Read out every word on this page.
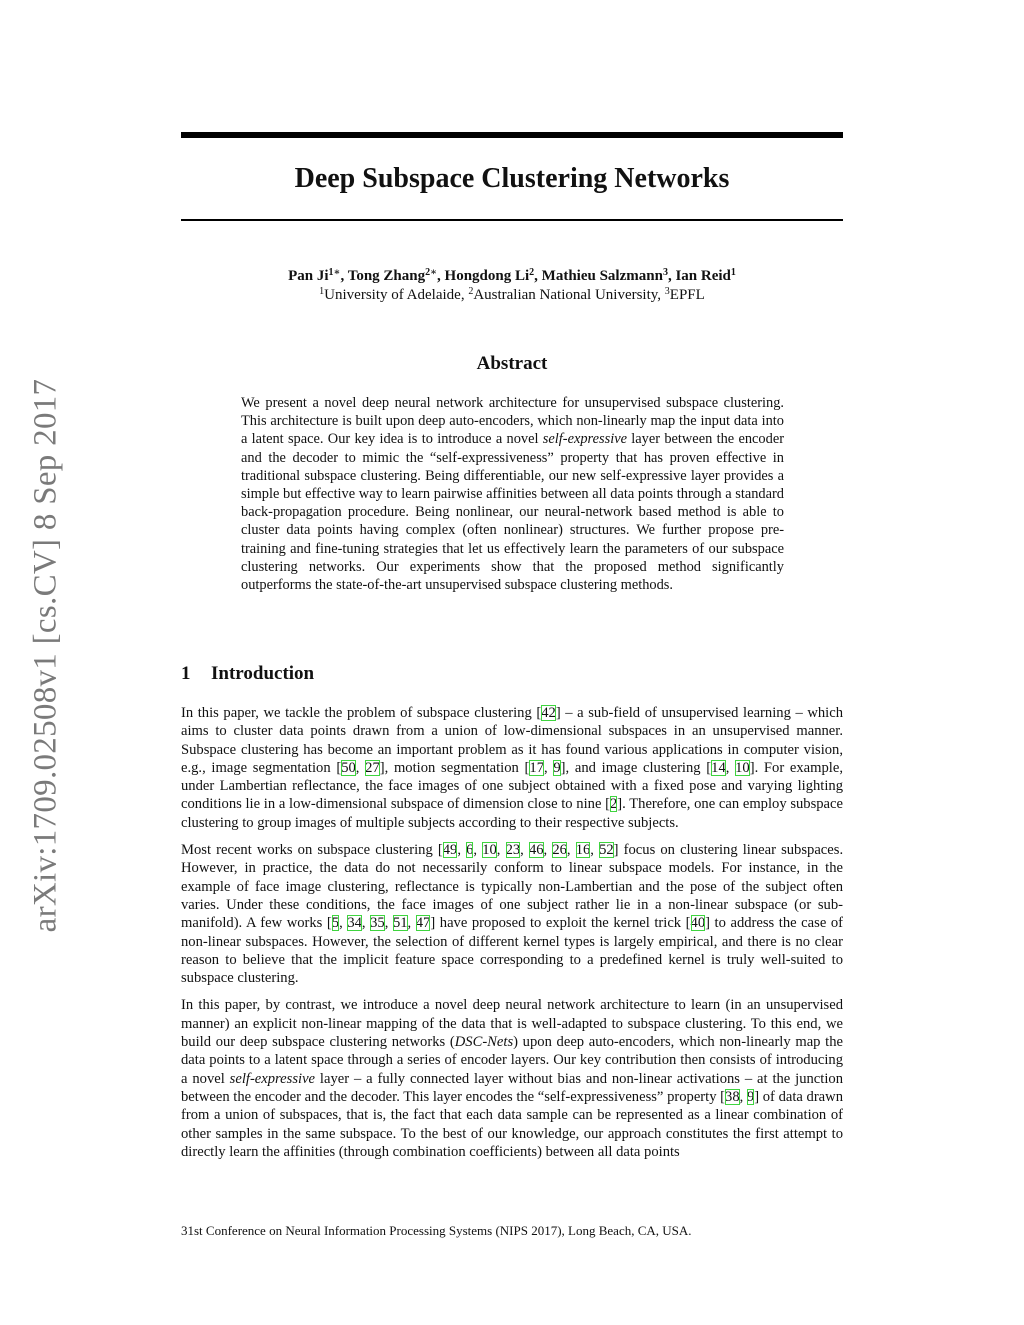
arXiv:1709.02508v1 [cs.CV] 8 Sep 2017
Deep Subspace Clustering Networks
Pan $Ji^{1∗}$, Tong Zhang$^{2∗}$, Hongdong Li$^2$, Mathieu Salzmann$^3$, Ian Reid$^1$
$^1$University of Adelaide, $^2$Australian National University, $^3$EPFL
Abstract
We present a novel deep neural network architecture for unsupervised subspace clustering. This architecture is built upon deep auto-encoders, which non-linearly map the input data into a latent space. Our key idea is to introduce a novel self-expressive layer between the encoder and the decoder to mimic the “self-expressiveness” property that has proven effective in traditional subspace clustering. Being differentiable, our new self-expressive layer provides a simple but effective way to learn pairwise affinities between all data points through a standard back-propagation procedure. Being nonlinear, our neural-network based method is able to cluster data points having complex (often nonlinear) structures. We further propose pre-training and fine-tuning strategies that let us effectively learn the parameters of our subspace clustering networks. Our experiments show that the proposed method significantly outperforms the state-of-the-art unsupervised subspace clustering methods.
1 Introduction

In this paper, we tackle the problem of subspace clustering [42] – a sub-field of unsupervised learning – which aims to cluster data points drawn from a union of low-dimensional subspaces in an unsupervised manner. Subspace clustering has become an important problem as it has found various applications in computer vision, e.g., image segmentation [50, 27], motion segmentation [17, 9], and image clustering [14, 10]. For example, under Lambertian reflectance, the face images of one subject obtained with a fixed pose and varying lighting conditions lie in a low-dimensional subspace of dimension close to nine [2]. Therefore, one can employ subspace clustering to group images of multiple subjects according to their respective subjects.

Most recent works on subspace clustering [49, 6, 10, 23, 46, 26, 16, 52] focus on clustering linear subspaces. However, in practice, the data do not necessarily conform to linear subspace models. For instance, in the example of face image clustering, reflectance is typically non-Lambertian and the pose of the subject often varies. Under these conditions, the face images of one subject rather lie in a non-linear subspace (or sub-manifold). A few works [5, 34, 35, 51, 47] have proposed to exploit the kernel trick [40] to address the case of non-linear subspaces. However, the selection of different kernel types is largely empirical, and there is no clear reason to believe that the implicit feature space corresponding to a predefined kernel is truly well-suited to subspace clustering.

In this paper, by contrast, we introduce a novel deep neural network architecture to learn (in an unsupervised manner) an explicit non-linear mapping of the data that is well-adapted to subspace clustering. To this end, we build our deep subspace clustering networks (DSC-Nets) upon deep auto-encoders, which non-linearly map the data points to a latent space through a series of encoder layers. Our key contribution then consists of introducing a novel self-expressive layer – a fully connected layer without bias and non-linear activations – at the junction between the encoder and the decoder. This layer encodes the “self-expressiveness” property [38, 9] of data drawn from a union of subspaces, that is, the fact that each data sample can be represented as a linear combination of other samples in the same subspace. To the best of our knowledge, our approach constitutes the first attempt to directly learn the affinities (through combination coefficients) between all data points

31st Conference on Neural Information Processing Systems (NIPS 2017), Long Beach, CA, USA.
